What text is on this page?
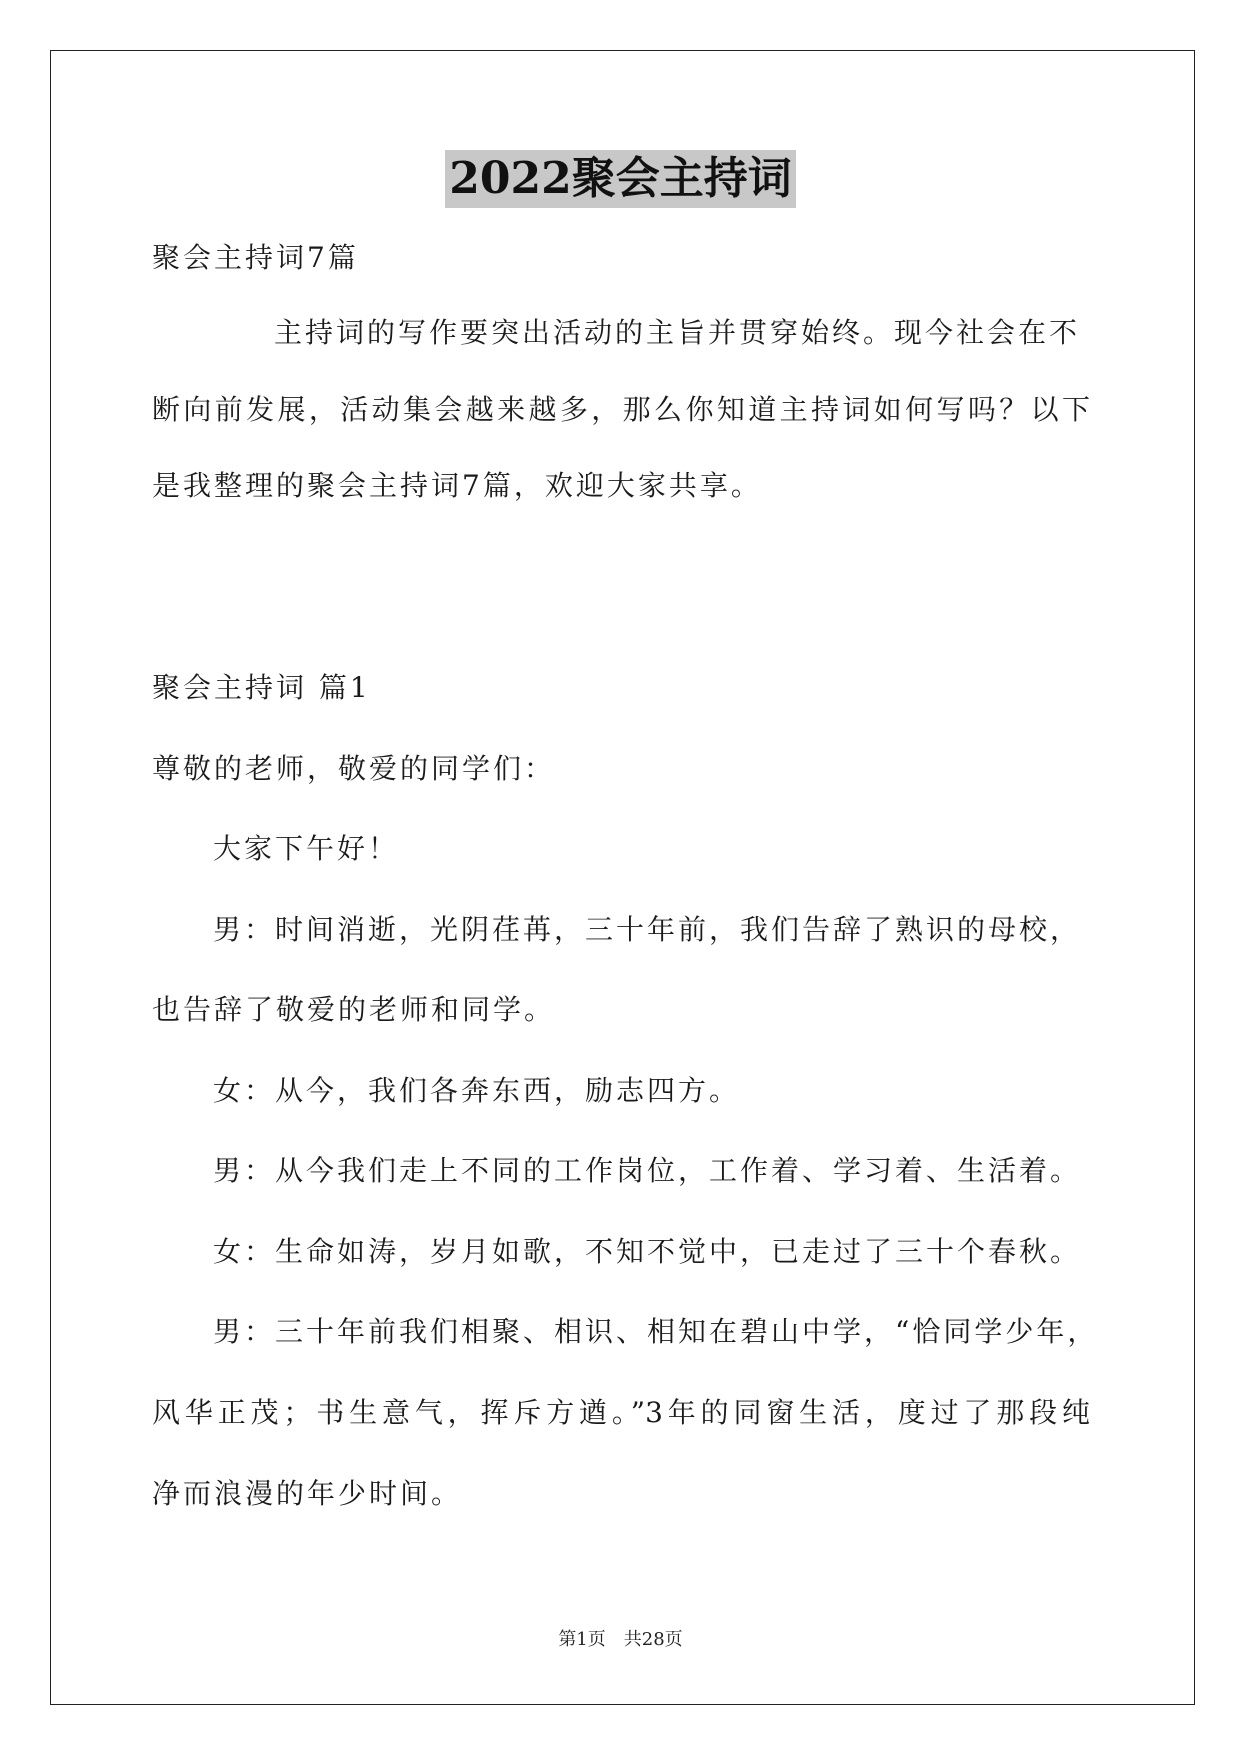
2022聚会主持词
聚会主持词7篇
主持词的写作要突出活动的主旨并贯穿始终。现今社会在不
断向前发展，活动集会越来越多，那么你知道主持词如何写吗？以下
是我整理的聚会主持词7篇，欢迎大家共享。
聚会主持词 篇1
尊敬的老师，敬爱的同学们：
大家下午好！
男：时间消逝，光阴荏苒，三十年前，我们告辞了熟识的母校，
也告辞了敬爱的老师和同学。
女：从今，我们各奔东西，励志四方。
男：从今我们走上不同的工作岗位，工作着、学习着、生活着。
女：生命如涛，岁月如歌，不知不觉中，已走过了三十个春秋。
男：三十年前我们相聚、相识、相知在碧山中学，“恰同学少年，
风华正茂；书生意气，挥斥方遒。”3年的同窗生活，度过了那段纯
净而浪漫的年少时间。
第1页　共28页
